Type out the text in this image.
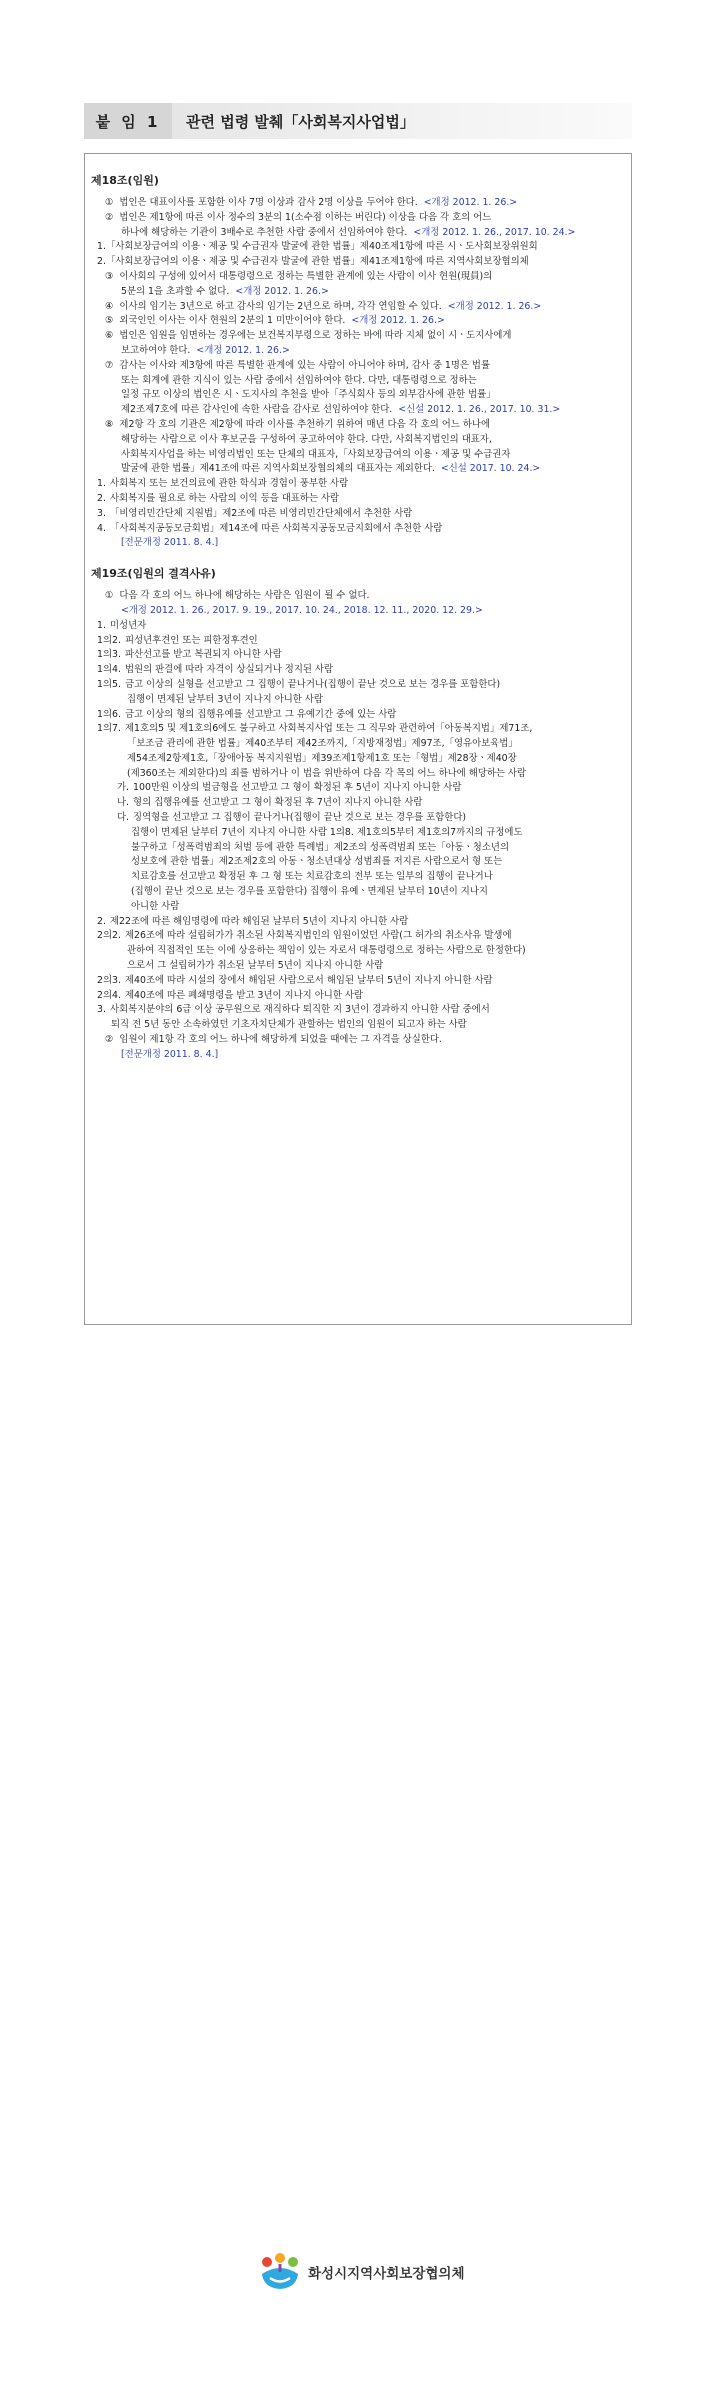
붙 임 1	관련 법령 발췌「사회복지사업법」
제18조(임원)
① 법인은 대표이사를 포함한 이사 7명 이상과 감사 2명 이상을 두어야 한다. <개정 2012. 1. 26.>
② 법인은 제1항에 따른 이사 정수의 3분의 1(소수점 이하는 버린다) 이상을 다음 각 호의 어느
하나에 해당하는 기관이 3배수로 추천한 사람 중에서 선임하여야 한다. <개정 2012. 1. 26., 2017. 10. 24.>
1.「사회보장급여의 이용ㆍ제공 및 수급권자 발굴에 관한 법률」제40조제1항에 따른 시ㆍ도사회보장위원회
2.「사회보장급여의 이용ㆍ제공 및 수급권자 발굴에 관한 법률」제41조제1항에 따른 지역사회보장협의체
③ 이사회의 구성에 있어서 대통령령으로 정하는 특별한 관계에 있는 사람이 이사 현원(現員)의
5분의 1을 초과할 수 없다. <개정 2012. 1. 26.>
④ 이사의 임기는 3년으로 하고 감사의 임기는 2년으로 하며, 각각 연임할 수 있다. <개정 2012. 1. 26.>
⑤ 외국인인 이사는 이사 현원의 2분의 1 미만이어야 한다. <개정 2012. 1. 26.>
⑥ 법인은 임원을 임면하는 경우에는 보건복지부령으로 정하는 바에 따라 지체 없이 시ㆍ도지사에게
보고하여야 한다. <개정 2012. 1. 26.>
⑦ 감사는 이사와 제3항에 따른 특별한 관계에 있는 사람이 아니어야 하며, 감사 중 1명은 법률
또는 회계에 관한 지식이 있는 사람 중에서 선임하여야 한다. 다만, 대통령령으로 정하는
일정 규모 이상의 법인은 시ㆍ도지사의 추천을 받아「주식회사 등의 외부감사에 관한 법률」
제2조제7호에 따른 감사인에 속한 사람을 감사로 선임하여야 한다. <신설 2012. 1. 26., 2017. 10. 31.>
⑧ 제2항 각 호의 기관은 제2항에 따라 이사를 추천하기 위하여 매년 다음 각 호의 어느 하나에
해당하는 사람으로 이사 후보군을 구성하여 공고하여야 한다. 다만, 사회복지법인의 대표자,
사회복지사업을 하는 비영리법인 또는 단체의 대표자,「사회보장급여의 이용ㆍ제공 및 수급권자
발굴에 관한 법률」제41조에 따른 지역사회보장협의체의 대표자는 제외한다. <신설 2017. 10. 24.>
1. 사회복지 또는 보건의료에 관한 학식과 경험이 풍부한 사람
2. 사회복지를 필요로 하는 사람의 이익 등을 대표하는 사람
3. 「비영리민간단체 지원법」제2조에 따른 비영리민간단체에서 추천한 사람
4. 「사회복지공동모금회법」제14조에 따른 사회복지공동모금지회에서 추천한 사람
[전문개정 2011. 8. 4.]
제19조(임원의 결격사유)
① 다음 각 호의 어느 하나에 해당하는 사람은 임원이 될 수 없다.
<개정 2012. 1. 26., 2017. 9. 19., 2017. 10. 24., 2018. 12. 11., 2020. 12. 29.>
1. 미성년자
1의2. 피성년후견인 또는 피한정후견인
1의3. 파산선고를 받고 복권되지 아니한 사람
1의4. 법원의 판결에 따라 자격이 상실되거나 정지된 사람
1의5. 금고 이상의 실형을 선고받고 그 집행이 끝나거나(집행이 끝난 것으로 보는 경우를 포함한다)
집행이 면제된 날부터 3년이 지나지 아니한 사람
1의6. 금고 이상의 형의 집행유예를 선고받고 그 유예기간 중에 있는 사람
1의7. 제1호의5 및 제1호의6에도 불구하고 사회복지사업 또는 그 직무와 관련하여「아동복지법」제71조,
「보조금 관리에 관한 법률」제40조부터 제42조까지,「지방재정법」제97조,「영유아보육법」
제54조제2항제1호,「장애아동 복지지원법」제39조제1항제1호 또는「형법」제28장ㆍ제40장
(제360조는 제외한다)의 죄를 범하거나 이 법을 위반하여 다음 각 목의 어느 하나에 해당하는 사람
가. 100만원 이상의 벌금형을 선고받고 그 형이 확정된 후 5년이 지나지 아니한 사람
나. 형의 집행유예를 선고받고 그 형이 확정된 후 7년이 지나지 아니한 사람
다. 징역형을 선고받고 그 집행이 끝나거나(집행이 끝난 것으로 보는 경우를 포함한다)
집행이 면제된 날부터 7년이 지나지 아니한 사람 1의8. 제1호의5부터 제1호의7까지의 규정에도
불구하고「성폭력범죄의 처벌 등에 관한 특례법」제2조의 성폭력범죄 또는「아동ㆍ청소년의
성보호에 관한 법률」제2조제2호의 아동ㆍ청소년대상 성범죄를 저지른 사람으로서 형 또는
치료감호를 선고받고 확정된 후 그 형 또는 치료감호의 전부 또는 일부의 집행이 끝나거나
(집행이 끝난 것으로 보는 경우를 포함한다) 집행이 유예ㆍ면제된 날부터 10년이 지나지
아니한 사람
2. 제22조에 따른 해임명령에 따라 해임된 날부터 5년이 지나지 아니한 사람
2의2. 제26조에 따라 설립허가가 취소된 사회복지법인의 임원이었던 사람(그 허가의 취소사유 발생에
관하여 직접적인 또는 이에 상응하는 책임이 있는 자로서 대통령령으로 정하는 사람으로 한정한다)
으로서 그 설립허가가 취소된 날부터 5년이 지나지 아니한 사람
2의3. 제40조에 따라 시설의 장에서 해임된 사람으로서 해임된 날부터 5년이 지나지 아니한 사람
2의4. 제40조에 따른 폐쇄명령을 받고 3년이 지나지 아니한 사람
3. 사회복지분야의 6급 이상 공무원으로 재직하다 퇴직한 지 3년이 경과하지 아니한 사람 중에서
퇴직 전 5년 동안 소속하였던 기초자치단체가 관할하는 법인의 임원이 되고자 하는 사람
② 임원이 제1항 각 호의 어느 하나에 해당하게 되었을 때에는 그 자격을 상실한다.
[전문개정 2011. 8. 4.]
화성시지역사회보장협의체
